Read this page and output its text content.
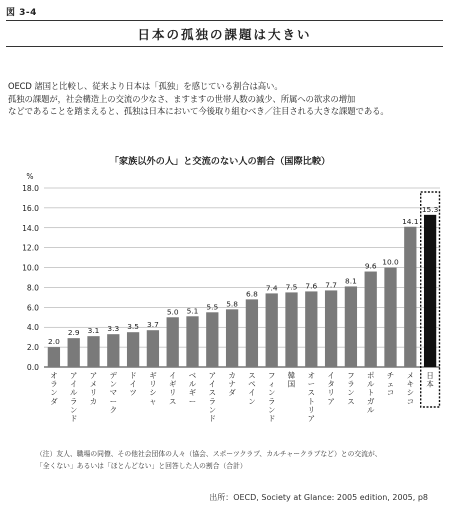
図 3-4
日本の孤独の課題は大きい
OECD 諸国と比較し、従来より日本は「孤独」を感じている割合は高い。
孤独の課題が，社会構造上の交流の少なさ、ますますの世帯人数の減少、所属への欲求の増加
などであることを踏まえると、孤独は日本において今後取り組むべき／注目される大きな課題である。
「家族以外の人」と交流のない人の割合（国際比較）
%
0.0
2.0
4.0
6.0
8.0
10.0
12.0
14.0
16.0
18.0
2.0
オランダ
2.9
アイルランド
3.1
アメリカ
3.3
デンマーク
3.5
ドイツ
3.7
ギリシャ
5.0
イギリス
5.1
ベルギー
5.5
アイスランド
5.8
カナダ
6.8
スペイン
7.4
フィンランド
7.5
韓国
7.6
オーストリア
7.7
イタリア
8.1
フランス
9.6
ポルトガル
10.0
チェコ
14.1
メキシコ
15.3
日本
（注）友人、職場の同僚、その他社会団体の人々（協会、スポーツクラブ、カルチャークラブなど）との交流が、
「全くない」あるいは「ほとんどない」と回答した人の割合（合計）
出所：OECD, Society at Glance: 2005 edition, 2005, p8
